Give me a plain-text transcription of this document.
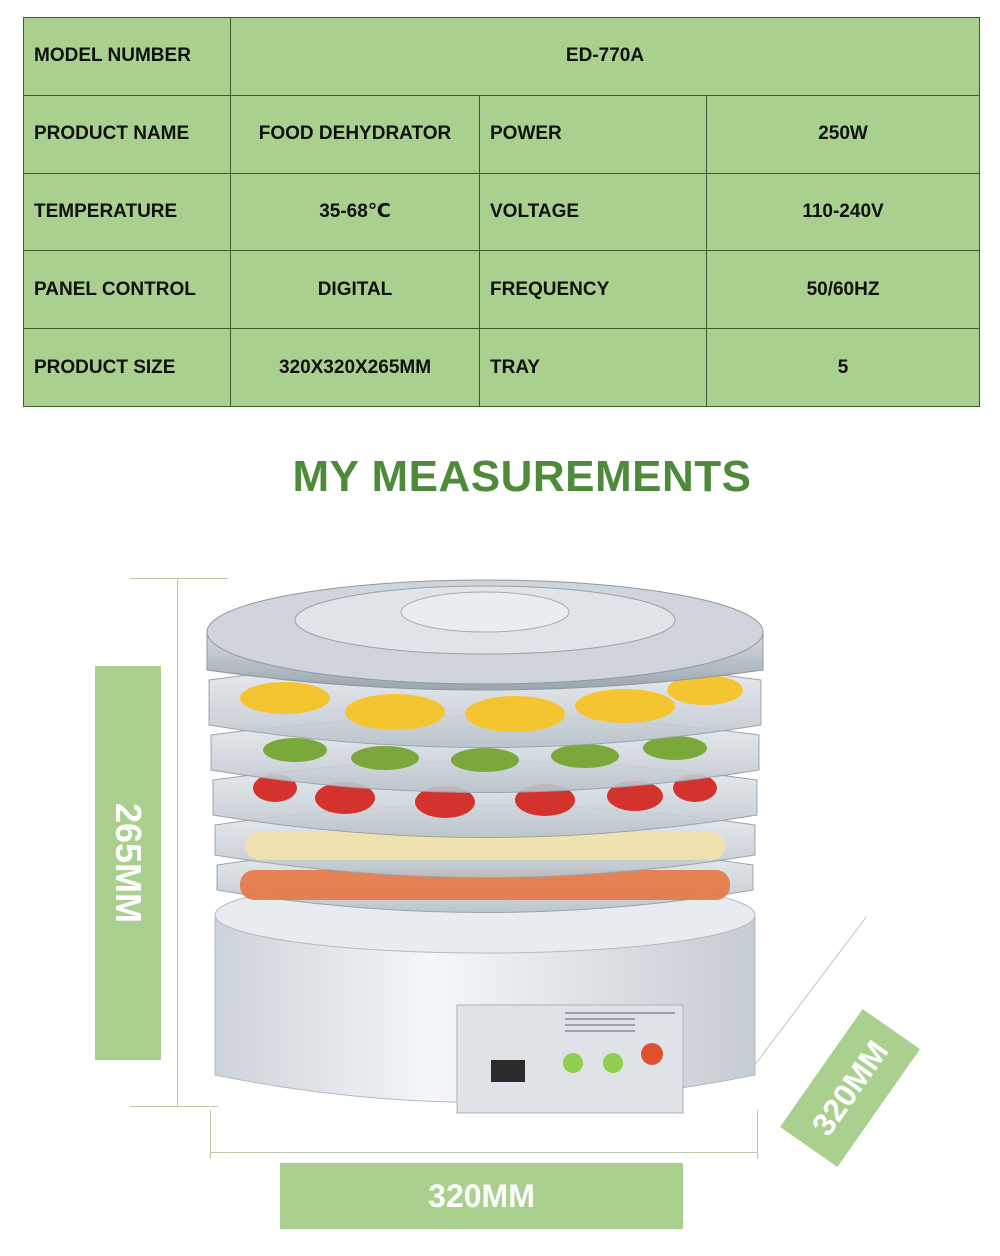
MODEL NUMBER	ED-770A		
PRODUCT NAME	FOOD DEHYDRATOR	POWER	250W
TEMPERATURE	35-68℃	VOLTAGE	110-240V
PANEL CONTROL	DIGITAL	FREQUENCY	50/60HZ
PRODUCT SIZE	320X320X265MM	TRAY	5
MY MEASUREMENTS
265MM
320MM
320MM
